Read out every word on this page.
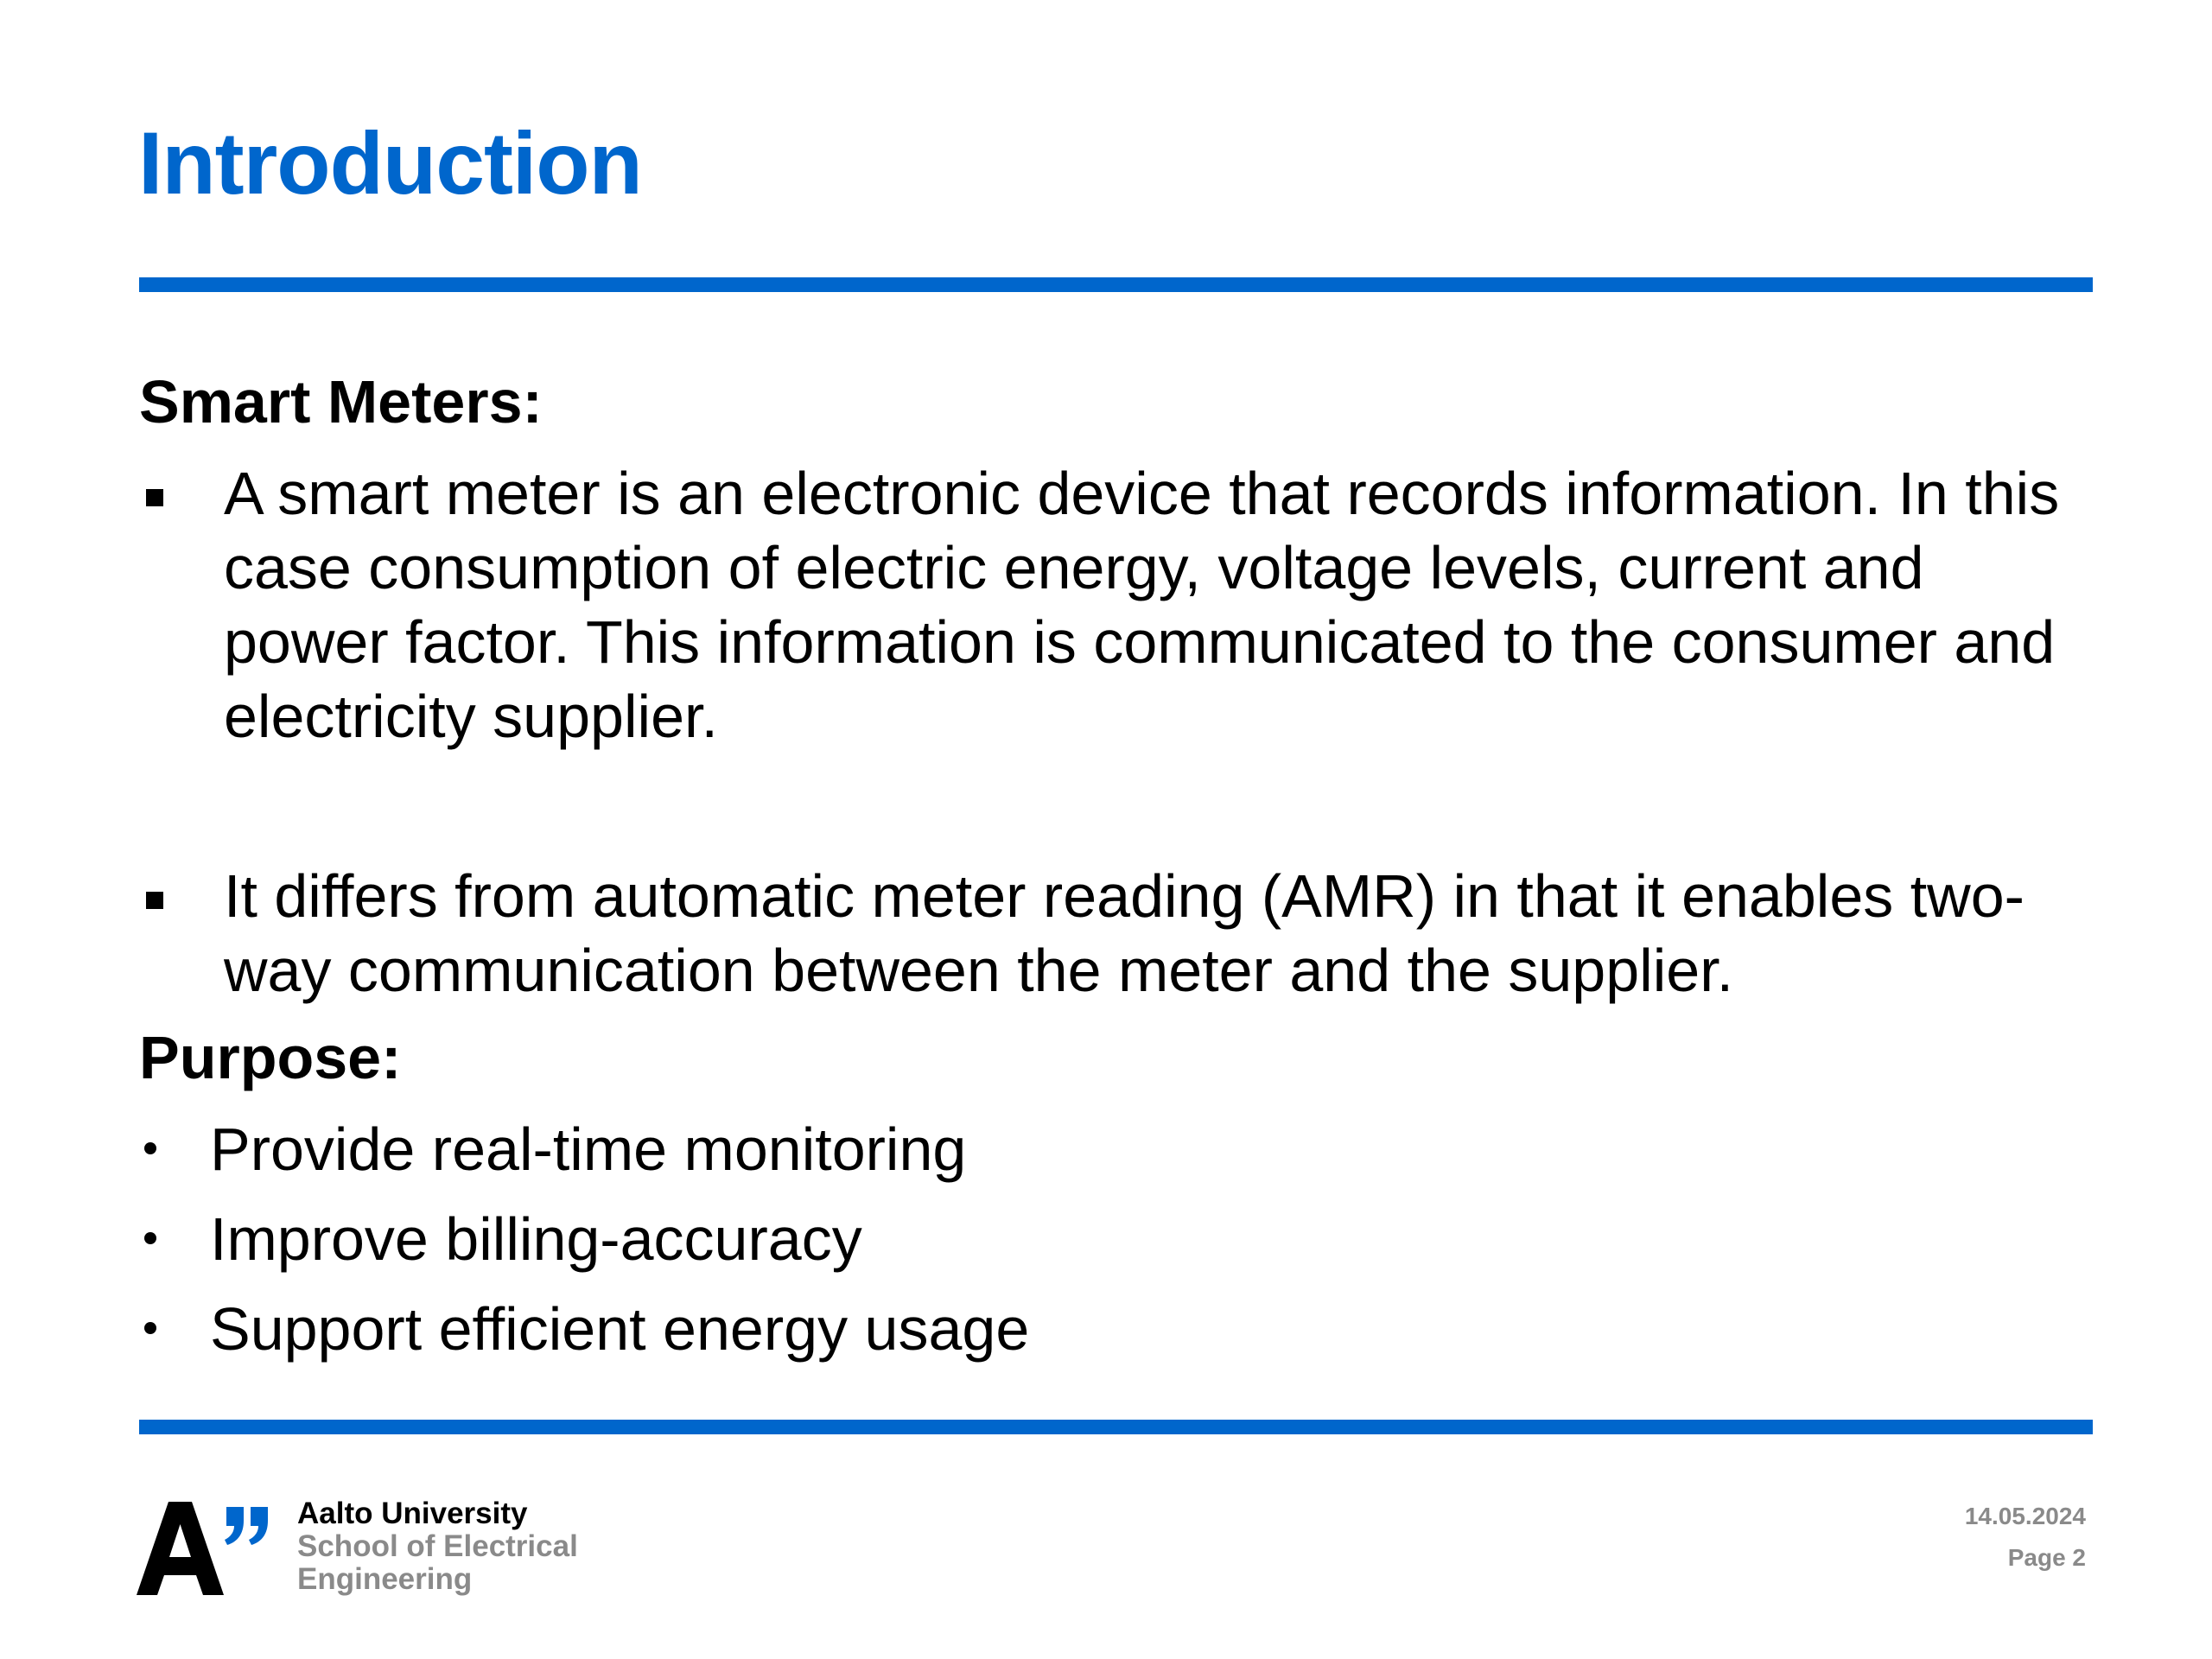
Introduction
Smart Meters:

A smart meter is an electronic device that records information. In this case consumption of electric energy, voltage levels, current and power factor. This information is communicated to the consumer and electricity supplier.

It differs from automatic meter reading (AMR) in that it enables two-way communication between the meter and the supplier.

Purpose:

Provide real-time monitoring

Improve billing-accuracy

Support efficient energy usage

Aalto University
School of Electrical
Engineering
14.05.2024
Page 2
